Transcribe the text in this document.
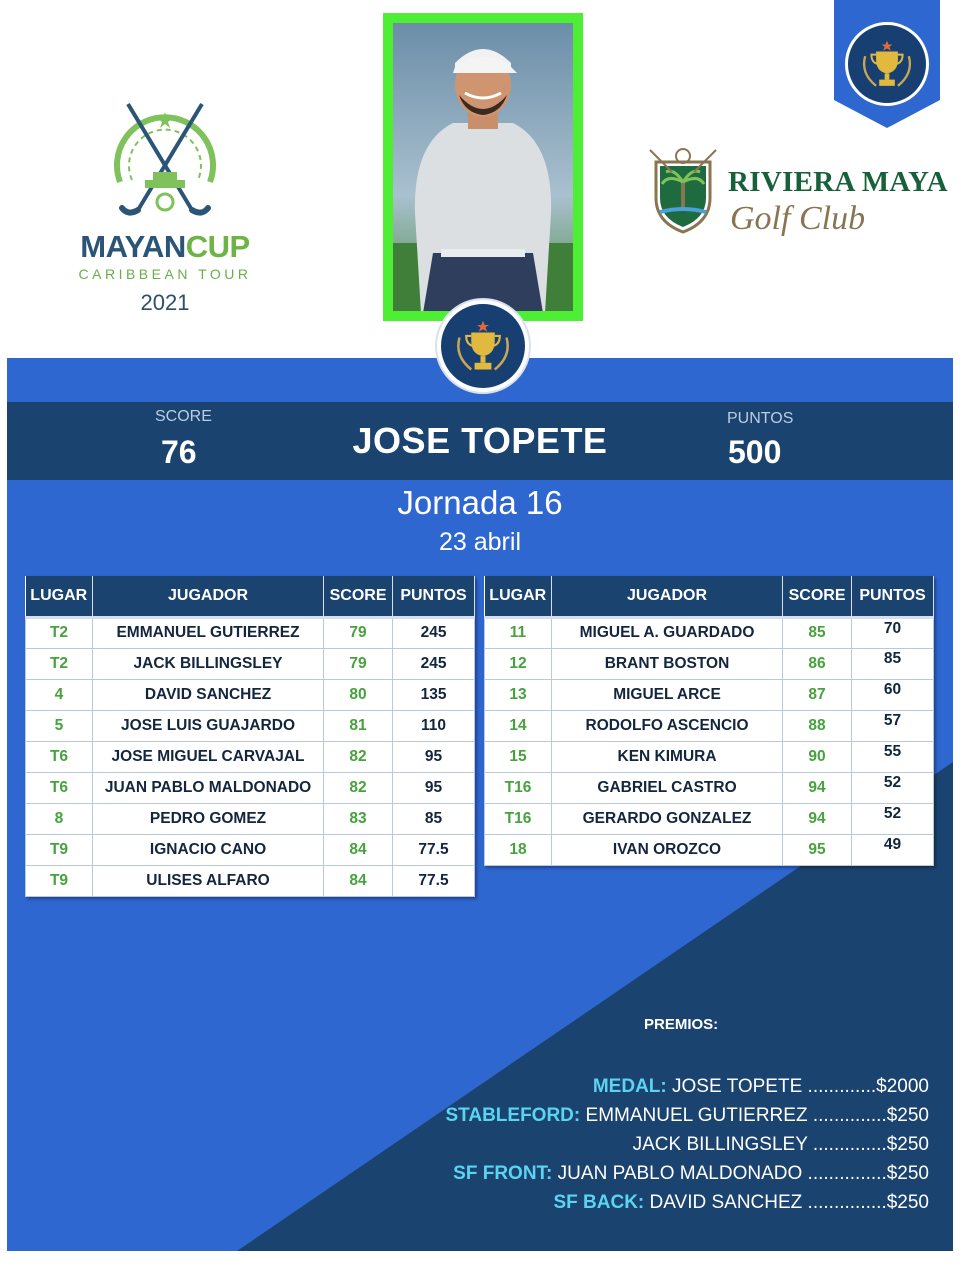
MAYANCUP
CARIBBEAN TOUR
2021
RIVIERA MAYA
Golf Club
SCORE
76	JOSE TOPETE
PUNTOS
500
Jornada 16
23 abril
LUGAR	JUGADOR	SCORE	PUNTOS
T2	EMMANUEL GUTIERREZ	79	245
T2	JACK BILLINGSLEY	79	245
4	DAVID SANCHEZ	80	135
5	JOSE LUIS GUAJARDO	81	110
T6	JOSE MIGUEL CARVAJAL	82	95
T6	JUAN PABLO MALDONADO	82	95
8	PEDRO GOMEZ	83	85
T9	IGNACIO CANO	84	77.5
T9	ULISES ALFARO	84	77.5
LUGAR	JUGADOR	SCORE	PUNTOS
11	MIGUEL A. GUARDADO	85	70
12	BRANT BOSTON	86	85
13	MIGUEL ARCE	87	60
14	RODOLFO ASCENCIO	88	57
15	KEN KIMURA	90	55
T16	GABRIEL CASTRO	94	52
T16	GERARDO GONZALEZ	94	52
18	IVAN OROZCO	95	49
PREMIOS:
MEDAL: JOSE TOPETE .............$2000
STABLEFORD: EMMANUEL GUTIERREZ ..............$250
JACK BILLINGSLEY ..............$250
SF FRONT: JUAN PABLO MALDONADO ...............$250
SF BACK: DAVID SANCHEZ ...............$250
